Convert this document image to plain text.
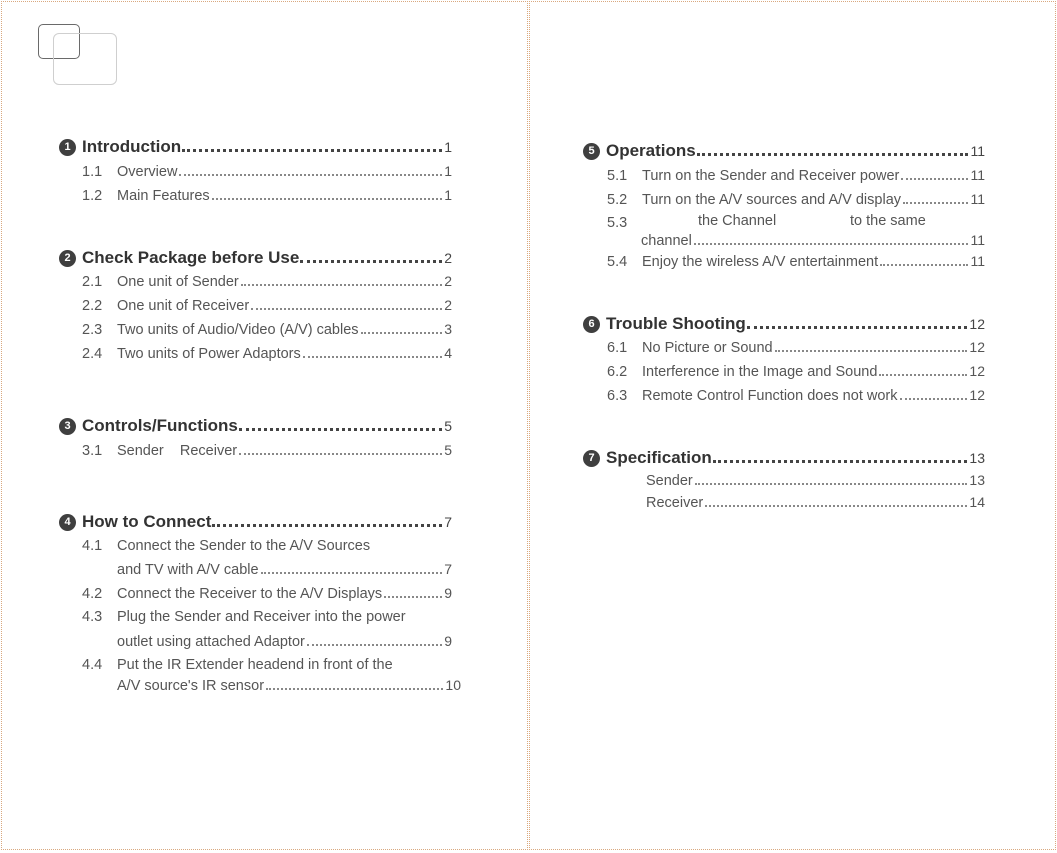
1 Introduction	1
1.1	Overview	1
1.2	Main Features	1
2 Check Package before Use	2
2.1	One unit of Sender	2
2.2	One unit of Receiver	2
2.3	Two units of Audio/Video (A/V) cables	3
2.4	Two units of Power Adaptors	4
3 Controls/Functions	5
3.1	Sender    Receiver	5
4 How to Connect	7
4.1	Connect the Sender to the A/V Sources
and TV with A/V cable	7
4.2	Connect the Receiver to the A/V Displays	9
4.3	Plug the Sender and Receiver into the power
outlet using attached Adaptor	9
4.4	Put the IR Extender headend in front of the
A/V source's IR sensor	10
5 Operations	11
5.1	Turn on the Sender and Receiver power	11
5.2	Turn on the A/V sources and A/V display	11
5.3	the Channel	to the same
channel	11
5.4	Enjoy the wireless A/V entertainment	11
6 Trouble Shooting	12
6.1	No Picture or Sound	12
6.2	Interference in the Image and Sound	12
6.3	Remote Control Function does not work	12
7 Specification	13
Sender	13
Receiver	14
